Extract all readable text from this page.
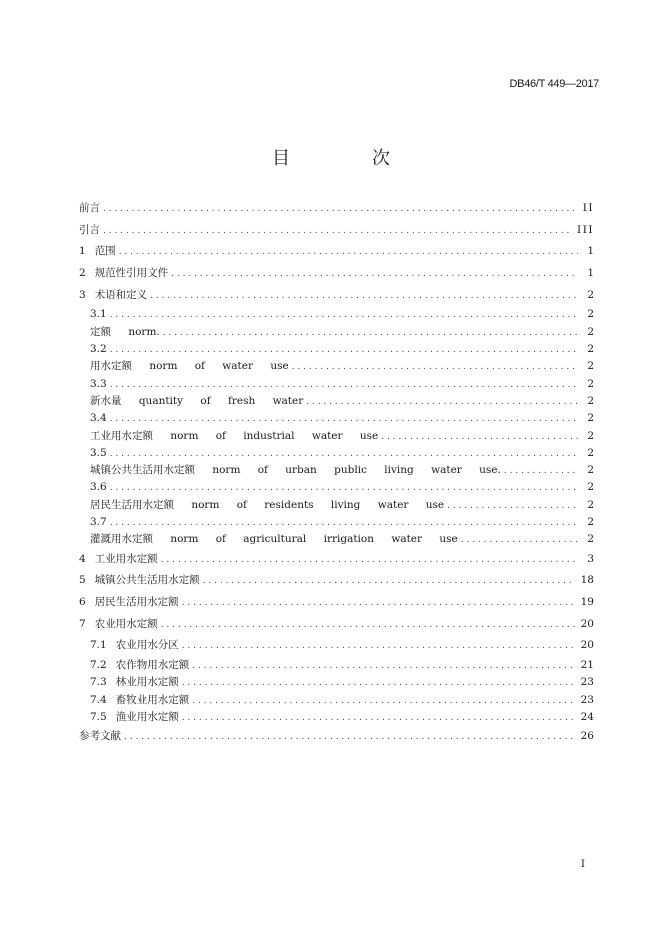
DB46/T 449—2017
目　次
前言 . . .	II
引言 . . .	III
1 范围 . . .	1
2 规范性引用文件 . . .	1
3 术语和定义 . . .	2
3.1 . . .	2
定额 norm. . . .	2
3.2 . . .	2
用水定额 norm of water use . . .	2
3.3 . . .	2
新水量 quantity of fresh water . . .	2
3.4 . . .	2
工业用水定额 norm of industrial water use . . .	2
3.5 . . .	2
城镇公共生活用水定额 norm of urban public living water use. . . .	2
3.6 . . .	2
居民生活用水定额 norm of residents living water use . . .	2
3.7 . . .	2
灌溉用水定额 norm of agricultural irrigation water use . . .	2
4 工业用水定额 . . .	3
5 城镇公共生活用水定额 . . .	18
6 居民生活用水定额 . . .	19
7 农业用水定额 . . .	20
7.1 农业用水分区 . . .	20
7.2 农作物用水定额 . . .	21
7.3 林业用水定额 . . .	23
7.4 畜牧业用水定额 . . .	23
7.5 渔业用水定额 . . .	24
参考文献 . . .	26
I
